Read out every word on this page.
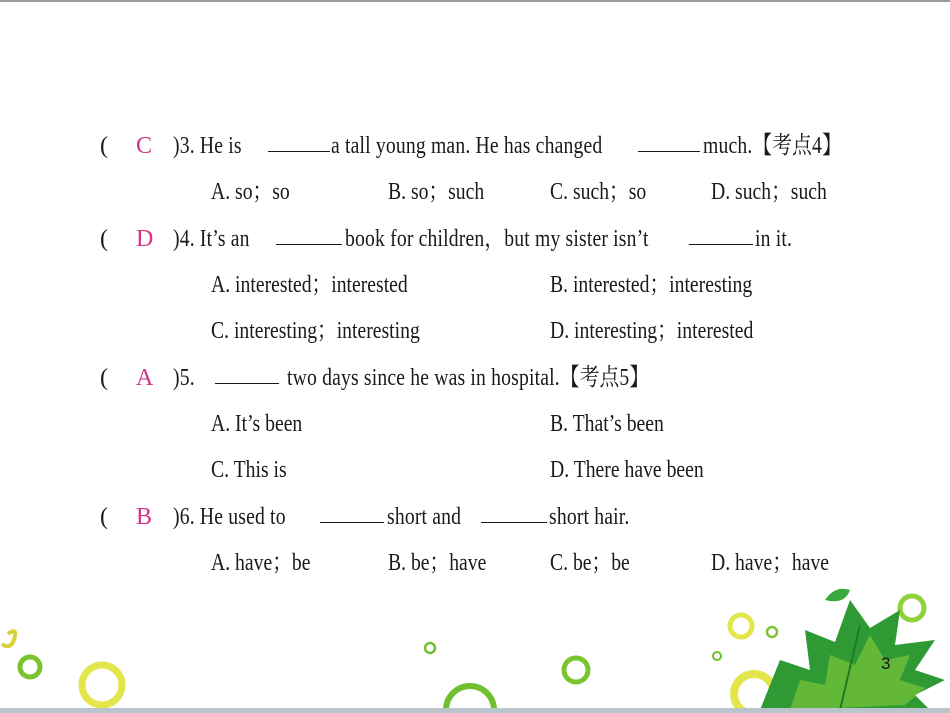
( C )3. He is	a tall young man. He has changed	much.【考点4】
A. so；so	B. so；such	C. such；so	D. such；such
( D )4. It’s an	book for children，but my sister isn’t	in it.
A. interested；interested	B. interested；interesting
C. interesting；interesting	D. interesting；interested
( A )5.	two days since he was in hospital.【考点5】
A. It’s been	B. That’s been
C. This is	D. There have been
( B )6. He used to	short and	short hair.
A. have；be	B. be；have	C. be；be	D. have；have
3
